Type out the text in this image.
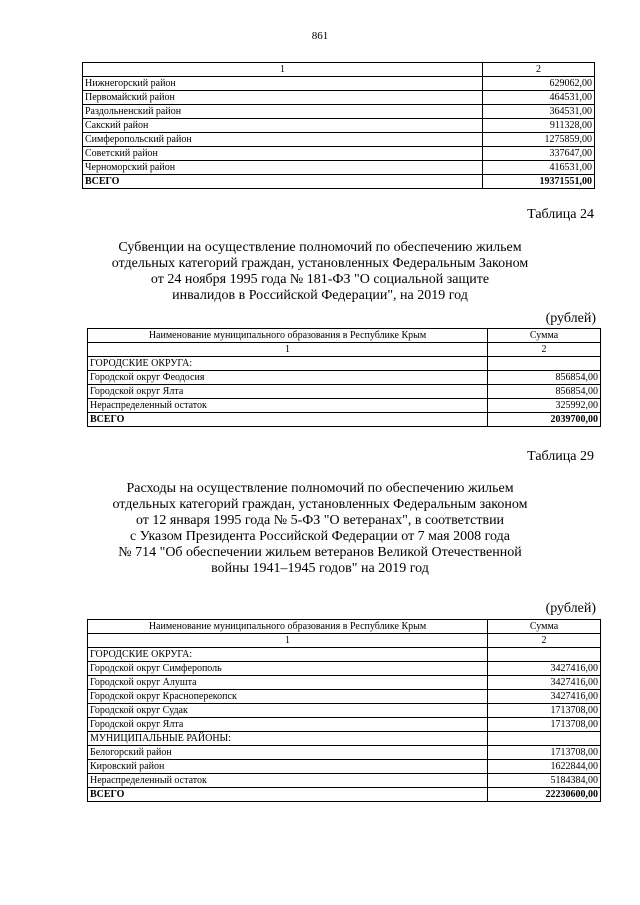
861
1	2
Нижнегорский район	629062,00
Первомайский район	464531,00
Раздольненский район	364531,00
Сакский район	911328,00
Симферопольский район	1275859,00
Советский район	337647,00
Черноморский район	416531,00
ВСЕГО	19371551,00
Таблица 24
Субвенции на осуществление полномочий по обеспечению жильем
отдельных категорий граждан, установленных Федеральным Законом
от 24 ноября 1995 года № 181-ФЗ "О социальной защите
инвалидов в Российской Федерации", на 2019 год
(рублей)
Наименование муниципального образования в Республике Крым	Сумма
1	2
ГОРОДСКИЕ ОКРУГА:	
Городской округ Феодосия	856854,00
Городской округ Ялта	856854,00
Нераспределенный остаток	325992,00
ВСЕГО	2039700,00
Таблица 29
Расходы на осуществление полномочий по обеспечению жильем
отдельных категорий граждан, установленных Федеральным законом
от 12 января 1995 года № 5-ФЗ "О ветеранах", в соответствии
с Указом Президента Российской Федерации от 7 мая 2008 года
№ 714 "Об обеспечении жильем ветеранов Великой Отечественной
войны 1941–1945 годов" на 2019 год
(рублей)
Наименование муниципального образования в Республике Крым	Сумма
1	2
ГОРОДСКИЕ ОКРУГА:	
Городской округ Симферополь	3427416,00
Городской округ Алушта	3427416,00
Городской округ Красноперекопск	3427416,00
Городской округ Судак	1713708,00
Городской округ Ялта	1713708,00
МУНИЦИПАЛЬНЫЕ РАЙОНЫ:	
Белогорский район	1713708,00
Кировский район	1622844,00
Нераспределенный остаток	5184384,00
ВСЕГО	22230600,00
